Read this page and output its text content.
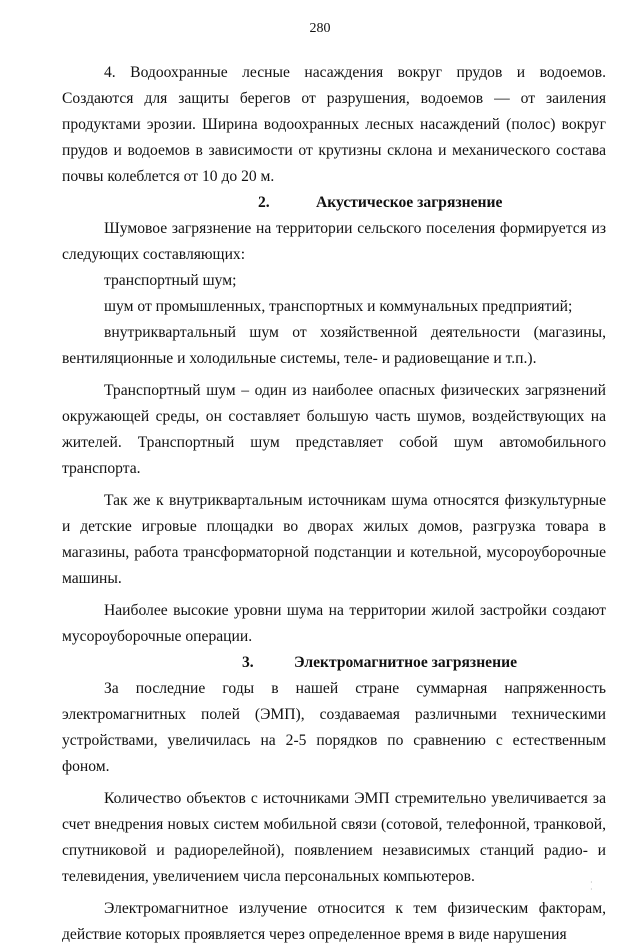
280

4. Водоохранные лесные насаждения вокруг прудов и водоемов. Создаются для защиты берегов от разрушения, водоемов — от заиления продуктами эрозии. Ширина водоохранных лесных насаждений (полос) вокруг прудов и водоемов в зависимости от крутизны склона и механического состава почвы колеблется от 10 до 20 м.

2.	Акустическое загрязнение

Шумовое загрязнение на территории сельского поселения формируется из следующих составляющих:

транспортный шум;

шум от промышленных, транспортных и коммунальных предприятий;

внутриквартальный шум от хозяйственной деятельности (магазины, вентиляционные и холодильные системы, теле- и радиовещание и т.п.).

Транспортный шум – один из наиболее опасных физических загрязнений окружающей среды, он составляет большую часть шумов, воздействующих на жителей. Транспортный шум представляет собой шум автомобильного транспорта.

Так же к внутриквартальным источникам шума относятся физкультурные и детские игровые площадки во дворах жилых домов, разгрузка товара в магазины, работа трансформаторной подстанции и котельной, мусороуборочные машины.

Наиболее высокие уровни шума на территории жилой застройки создают мусороуборочные операции.

3.	Электромагнитное загрязнение

За последние годы в нашей стране суммарная напряженность электромагнитных полей (ЭМП), создаваемая различными техническими устройствами, увеличилась на 2-5 порядков по сравнению с естественным фоном.

Количество объектов с источниками ЭМП стремительно увеличивается за счет внедрения новых систем мобильной связи (сотовой, телефонной, транковой, спутниковой и радиорелейной), появлением независимых станций радио- и телевидения, увеличением числа персональных компьютеров.

Электромагнитное излучение относится к тем физическим факторам, действие которых проявляется через определенное время в виде нарушения

·
·
